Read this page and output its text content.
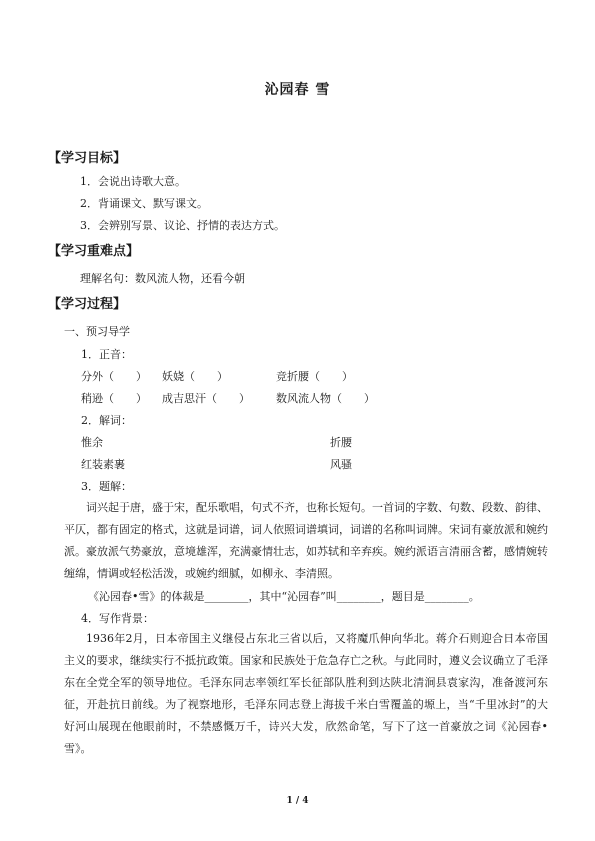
沁园春 雪
【学习目标】
1．会说出诗歌大意。
2．背诵课文、默写课文。
3．会辨别写景、议论、抒情的表达方式。
【学习重难点】
理解名句：数风流人物，还看今朝
【学习过程】
一、预习导学
1．正音：
分外（　　） 妖娆（　　）	竞折腰（　　）
稍逊（　　） 成吉思汗（　　） 数风流人物（　　）
2．解词：
惟余	折腰
红装素裹	风骚
3．题解：
词兴起于唐，盛于宋，配乐歌唱，句式不齐，也称长短句。一首词的字数、句数、段数、韵律、平仄，都有固定的格式，这就是词谱，词人依照词谱填词，词谱的名称叫词牌。宋词有豪放派和婉约派。豪放派气势豪放，意境雄浑，充满豪情壮志，如苏轼和辛弃疾。婉约派语言清丽含蓄，感情婉转缠绵，情调或轻松活泼，或婉约细腻，如柳永、李清照。
《沁园春•雪》的体裁是________，其中“沁园春”叫________，题目是________。
4．写作背景：
1936年2月，日本帝国主义继侵占东北三省以后，又将魔爪伸向华北。蒋介石则迎合日本帝国主义的要求，继续实行不抵抗政策。国家和民族处于危急存亡之秋。与此同时，遵义会议确立了毛泽东在全党全军的领导地位。毛泽东同志率领红军长征部队胜利到达陕北清涧县袁家沟，准备渡河东征，开赴抗日前线。为了视察地形，毛泽东同志登上海拔千米白雪覆盖的塬上，当“千里冰封”的大好河山展现在他眼前时，不禁感慨万千，诗兴大发，欣然命笔，写下了这一首豪放之词《沁园春•雪》。
1 / 4
